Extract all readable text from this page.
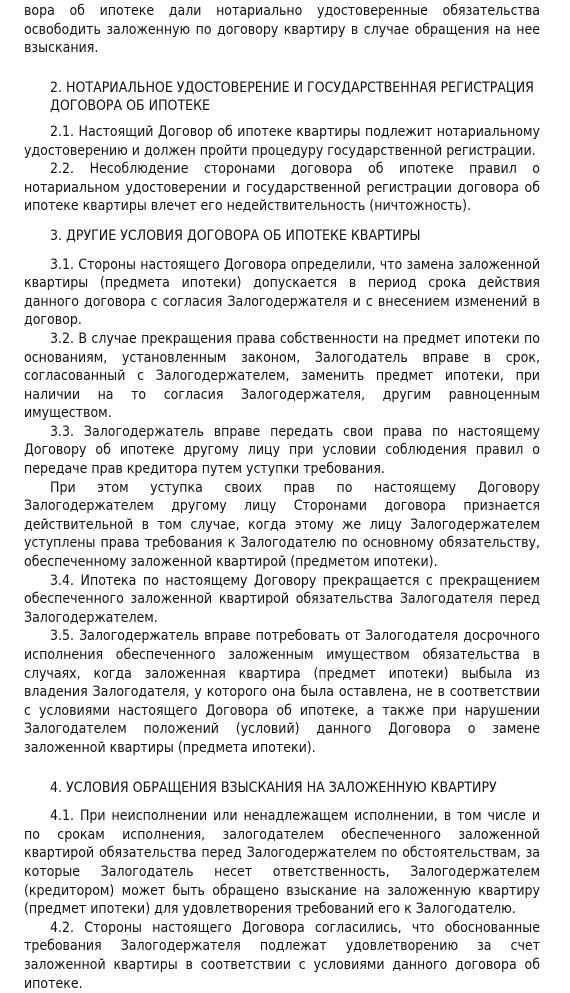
вора об ипотеке дали нотариально удостоверенные обязательства освободить заложенную по договору квартиру в случае обращения на нее взыскания.

2. НОТАРИАЛЬНОЕ УДОСТОВЕРЕНИЕ И ГОСУДАРСТВЕННАЯ РЕГИСТРАЦИЯ ДОГОВОРА ОБ ИПОТЕКЕ

2.1. Настоящий Договор об ипотеке квартиры подлежит нотариальному удостоверению и должен пройти процедуру государственной регистрации.

2.2. Несоблюдение сторонами договора об ипотеке правил о нотариальном удостоверении и государственной регистрации договора об ипотеке квартиры влечет его недействительность (ничтожность).

3. ДРУГИЕ УСЛОВИЯ ДОГОВОРА ОБ ИПОТЕКЕ КВАРТИРЫ

3.1. Стороны настоящего Договора определили, что замена заложенной квартиры (предмета ипотеки) допускается в период срока действия данного договора с согласия Залогодержателя и с внесением изменений в договор.

3.2. В случае прекращения права собственности на предмет ипотеки по основаниям, установленным законом, Залогодатель вправе в срок, согласованный с Залогодержателем, заменить предмет ипотеки, при наличии на то согласия Залогодержателя, другим равноценным имуществом.

3.3. Залогодержатель вправе передать свои права по настоящему Договору об ипотеке другому лицу при условии соблюдения правил о передаче прав кредитора путем уступки требования.

При этом уступка своих прав по настоящему Договору Залогодержателем другому лицу Сторонами договора признается действительной в том случае, когда этому же лицу Залогодержателем уступлены права требования к Залогодателю по основному обязательству, обеспеченному заложенной квартирой (предметом ипотеки).

3.4. Ипотека по настоящему Договору прекращается с прекращением обеспеченного заложенной квартирой обязательства Залогодателя перед Залогодержателем.

3.5. Залогодержатель вправе потребовать от Залогодателя досрочного исполнения обеспеченного заложенным имуществом обязательства в случаях, когда заложенная квартира (предмет ипотеки) выбыла из владения Залогодателя, у которого она была оставлена, не в соответствии с условиями настоящего Договора об ипотеке, а также при нарушении Залогодателем положений (условий) данного Договора о замене заложенной квартиры (предмета ипотеки).

4. УСЛОВИЯ ОБРАЩЕНИЯ ВЗЫСКАНИЯ НА ЗАЛОЖЕННУЮ КВАРТИРУ

4.1. При неисполнении или ненадлежащем исполнении, в том числе и по срокам исполнения, залогодателем обеспеченного заложенной квартирой обязательства перед Залогодержателем по обстоятельствам, за которые Залогодатель несет ответственность, Залогодержателем (кредитором) может быть обращено взыскание на заложенную квартиру (предмет ипотеки) для удовлетворения требований его к Залогодателю.

4.2. Стороны настоящего Договора согласились, что обоснованные требования Залогодержателя подлежат удовлетворению за счет заложенной квартиры в соответствии с условиями данного договора об ипотеке.
